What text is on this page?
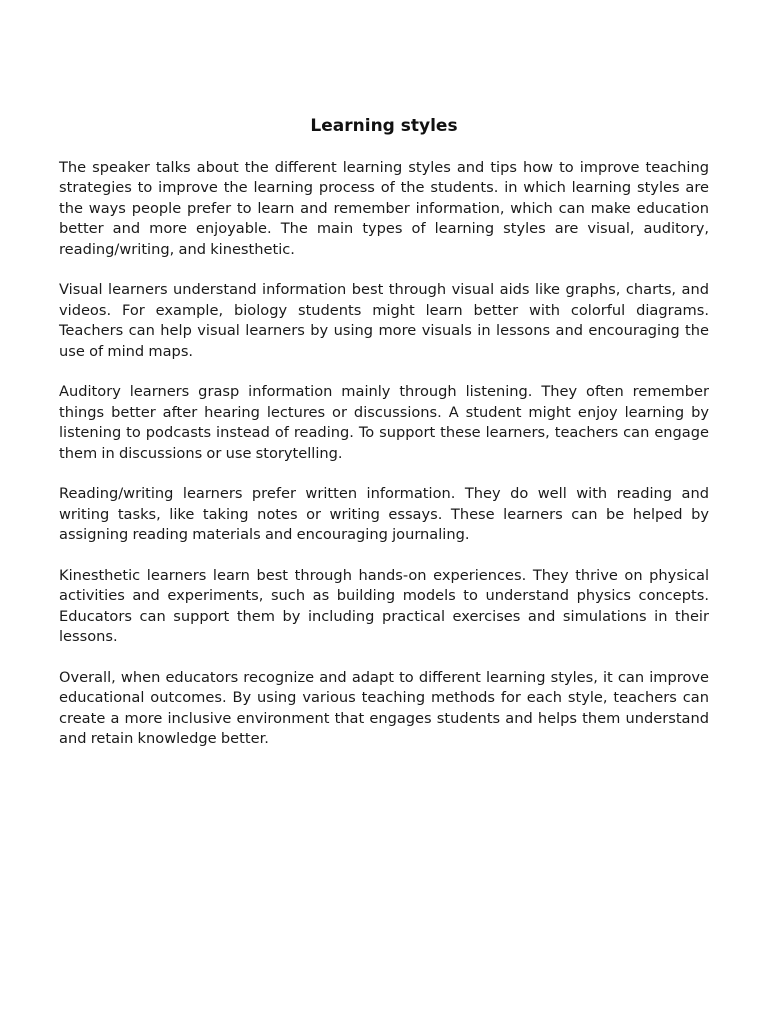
Learning styles

The speaker talks about the different learning styles and tips how to improve teaching strategies to improve the learning process of the students. in which learning styles are the ways people prefer to learn and remember information, which can make education better and more enjoyable. The main types of learning styles are visual, auditory, reading/writing, and kinesthetic.

Visual learners understand information best through visual aids like graphs, charts, and videos. For example, biology students might learn better with colorful diagrams. Teachers can help visual learners by using more visuals in lessons and encouraging the use of mind maps.

Auditory learners grasp information mainly through listening. They often remember things better after hearing lectures or discussions. A student might enjoy learning by listening to podcasts instead of reading. To support these learners, teachers can engage them in discussions or use storytelling.

Reading/writing learners prefer written information. They do well with reading and writing tasks, like taking notes or writing essays. These learners can be helped by assigning reading materials and encouraging journaling.

Kinesthetic learners learn best through hands-on experiences. They thrive on physical activities and experiments, such as building models to understand physics concepts. Educators can support them by including practical exercises and simulations in their lessons.

Overall, when educators recognize and adapt to different learning styles, it can improve educational outcomes. By using various teaching methods for each style, teachers can create a more inclusive environment that engages students and helps them understand and retain knowledge better.
